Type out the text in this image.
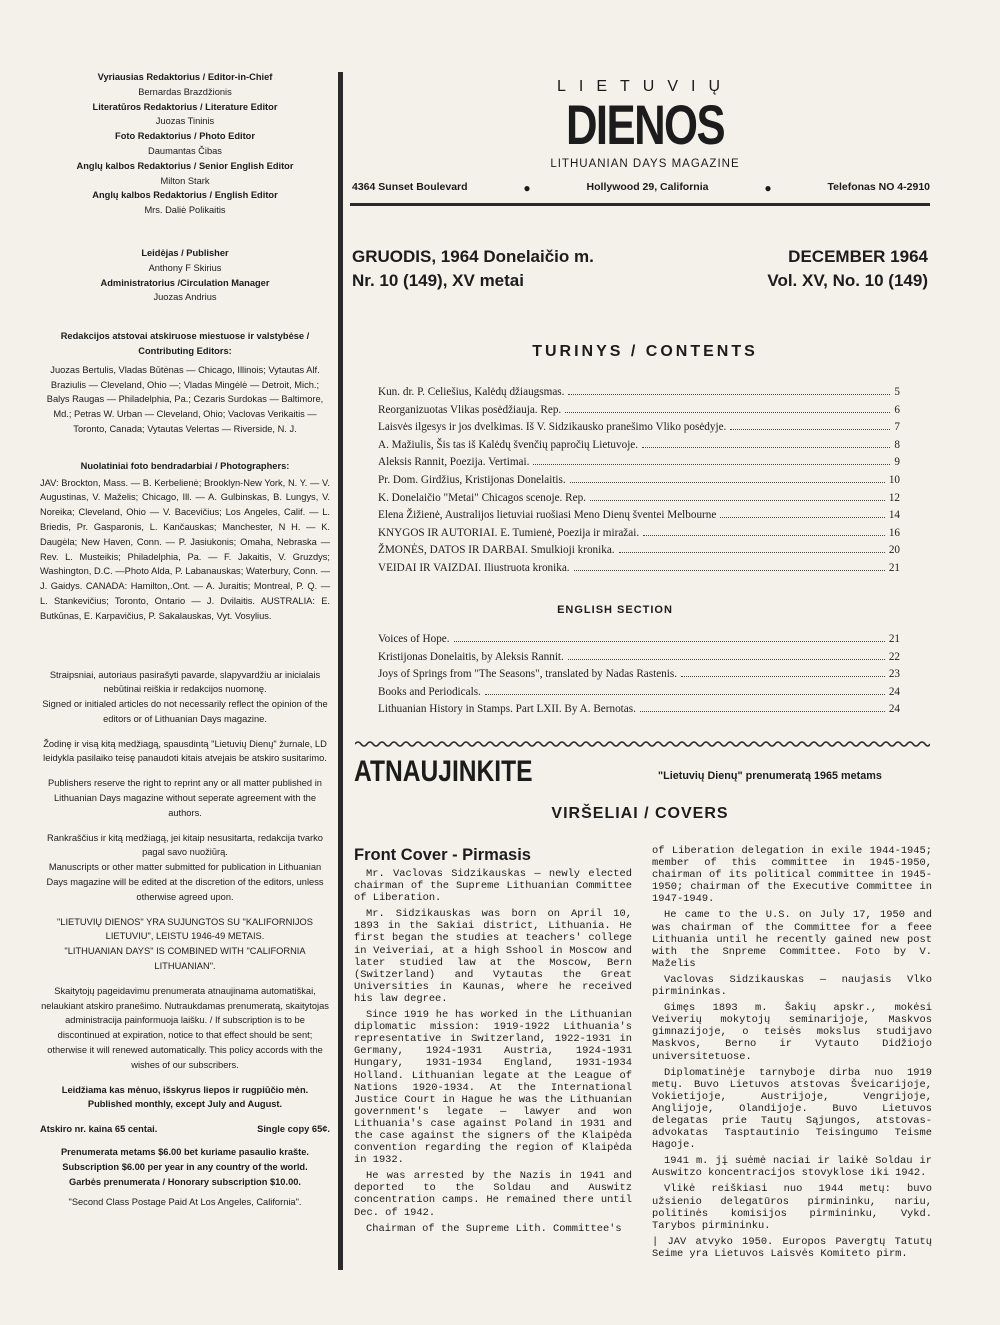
Vyriausias Redaktorius / Editor-in-Chief

Bernardas Brazdžionis

Literatūros Redaktorius / Literature Editor

Juozas Tininis

Foto Redaktorius / Photo Editor

Daumantas Čibas

Anglų kalbos Redaktorius / Senior English Editor

Milton Stark

Anglų kalbos Redaktorius / English Editor

Mrs. Daliė Polikaitis

Leidėjas / Publisher

Anthony F Skirius

Administratorius /Circulation Manager

Juozas Andrius

Redakcijos atstovai atskiruose miestuose ir valstybėse / Contributing Editors:

Juozas Bertulis, Vladas Būtėnas — Chicago, Illinois; Vytautas Alf. Braziulis — Cleveland, Ohio —; Vladas Mingėlė — Detroit, Mich.; Balys Raugas — Philadelphia, Pa.; Cezaris Surdokas — Baltimore, Md.; Petras W. Urban — Cleveland, Ohio; Vaclovas Verikaitis — Toronto, Canada; Vytautas Velertas — Riverside, N. J.

Nuolatiniai foto bendradarbiai / Photographers:

JAV: Brockton, Mass. — B. Kerbelienė; Brooklyn-New York, N. Y. — V. Augustinas, V. Maželis; Chicago, Ill. — A. Gulbinskas, B. Lungys, V. Noreika; Cleveland, Ohio — V. Bacevičius; Los Angeles, Calif. — L. Briedis, Pr. Gasparonis, L. Kančauskas; Manchester, N H. — K. Daugėla; New Haven, Conn. — P. Jasiukonis; Omaha, Nebraska — Rev. L. Musteikis; Philadelphia, Pa. — F. Jakaitis, V. Gruzdys; Washington, D.C. —Photo Alda, P. Labanauskas; Waterbury, Conn. — J. Gaidys. CANADA: Hamilton,.Ont. — A. Juraitis; Montreal, P. Q. — L. Stankevičius; Toronto, Ontario — J. Dvilaitis. AUSTRALIA: E. Butkūnas, E. Karpavičius, P. Sakalauskas, Vyt. Vosylius.

Straipsniai, autoriaus pasirašyti pavarde, slapyvardžiu ar inicialais nebūtinai reiškia ir redakcijos nuomonę.

Signed or initialed articles do not necessarily reflect the opinion of the editors or of Lithuanian Days magazine.

Žodinę ir visą kitą medžiagą, spausdintą "Lietuvių Dienų" žurnale, LD leidykla pasilaiko teisę panaudoti kitais atvejais be atskiro susitarimo.

Publishers reserve the right to reprint any or all matter published in Lithuanian Days magazine without seperate agreement with the authors.

Rankraščius ir kitą medžiagą, jei kitaip nesusitarta, redakcija tvarko pagal savo nuožiūrą.

Manuscripts or other matter submitted for publication in Lithuanian Days magazine will be edited at the discretion of the editors, unless otherwise agreed upon.

"LIETUVIŲ DIENOS" YRA SUJUNGTOS SU "KALIFORNIJOS LIETUVIU", LEISTU 1946-49 METAIS.

"LITHUANIAN DAYS" IS COMBINED WITH "CALIFORNIA LITHUANIAN".

Skaitytojų pageidavimu prenumerata atnaujinama automatiškai, nelaukiant atskiro pranešimo. Nutraukdamas prenumeratą, skaitytojas administracija painformuoja laišku. / If subscription is to be discontinued at expiration, notice to that effect should be sent; otherwise it will renewed automatically. This policy accords with the wishes of our subscribers.

Leidžiama kas mėnuo, išskyrus liepos ir rugpiūčio mėn. Published monthly, except July and August.

Atskiro nr. kaina 65 centai.	Single copy 65¢.

Prenumerata metams $6.00 bet kuriame pasaulio krašte.

Subscription $6.00 per year in any country of the world.

Garbės prenumerata / Honorary subscription $10.00.

"Second Class Postage Paid At Los Angeles, California".

LIETUVIŲ
DIENOS
LITHUANIAN DAYS MAGAZINE
4364 Sunset Boulevard	●	Hollywood 29, California	●	Telefonas NO 4-2910
GRUODIS, 1964 Donelaičio m.
Nr. 10 (149), XV metai
DECEMBER 1964
Vol. XV, No. 10 (149)
TURINYS / CONTENTS
Kun. dr. P. Celiešius, Kalėdų džiaugsmas.	5
Reorganizuotas Vlikas posėdžiauja. Rep.	6
Laisvės ilgesys ir jos dvelkimas. Iš V. Sidzikausko pranešimo Vliko posėdyje.	7
A. Mažiulis, Šis tas iš Kalėdų švenčių papročių Lietuvoje.	8
Aleksis Rannit, Poezija. Vertimai.	9
Pr. Dom. Girdžius, Kristijonas Donelaitis.	10
K. Donelaičio "Metai" Chicagos scenoje. Rep.	12
Elena Žižienė, Australijos lietuviai ruošiasi Meno Dienų šventei Melbourne	14
KNYGOS IR AUTORIAI. E. Tumienė, Poezija ir miražai.	16
ŽMONĖS, DATOS IR DARBAI. Smulkioji kronika.	20
VEIDAI IR VAIZDAI. Iliustruota kronika.	21
ENGLISH SECTION
Voices of Hope.	21
Kristijonas Donelaitis, by Aleksis Rannit.	22
Joys of Springs from "The Seasons", translated by Nadas Rastenis.	23
Books and Periodicals.	24
Lithuanian History in Stamps. Part LXII. By A. Bernotas.	24
ATNAUJINKITE	"Lietuvių Dienų" prenumeratą 1965 metams
VIRŠELIAI / COVERS
Front Cover - Pirmasis

Mr. Vaclovas Sidzikauskas — newly elected chairman of the Supreme Lithuanian Committee of Liberation.

Mr. Sidzikauskas was born on April 10, 1893 in the Sakiai district, Lithuania. He first began the studies at teachers' college in Veiveriai, at a high Sshool in Moscow and later studied law at the Moscow, Bern (Switzerland) and Vytautas the Great Universities in Kaunas, where he received his law degree.

Since 1919 he has worked in the Lithuanian diplomatic mission: 1919-1922 Lithuania's representative in Switzerland, 1922-1931 in Germany, 1924-1931 Austria, 1924-1931 Hungary, 1931-1934 England, 1931-1934 Holland. Lithuanian legate at the League of Nations 1920-1934. At the International Justice Court in Hague he was the Lithuanian government's legate — lawyer and won Lithuania's case against Poland in 1931 and the case against the signers of the Klaipėda convention regarding the region of Klaipėda in 1932.

He was arrested by the Nazis in 1941 and deported to the Soldau and Auswitz concentration camps. He remained there until Dec. of 1942.

Chairman of the Supreme Lith. Committee's

of Liberation delegation in exile 1944-1945; member of this committee in 1945-1950, chairman of its political committee in 1945-1950; chairman of the Executive Committee in 1947-1949.

He came to the U.S. on July 17, 1950 and was chairman of the Committee for a feee Lithuania until he recently gained new post with the Snpreme Committee. Foto by V. Maželis

Vaclovas Sidzikauskas — naujasis Vlko pirmininkas.

Gimęs 1893 m. Šakių apskr., mokėsi Veiverių mokytojų seminarijoje, Maskvos gimnazijoje, o teisės mokslus studijavo Maskvos, Berno ir Vytauto Didžiojo universitetuose.

Diplomatinėje tarnyboje dirba nuo 1919 metų. Buvo Lietuvos atstovas Šveicarijoje, Vokietijoje, Austrijoje, Vengrijoje, Anglijoje, Olandijoje. Buvo Lietuvos delegatas prie Tautų Sąjungos, atstovas-advokatas Tasptautinio Teisingumo Teisme Hagoje.

1941 m. jį suėmė naciai ir laikė Soldau ir Auswitzo koncentracijos stovyklose iki 1942.

Vlikė reiškiasi nuo 1944 metų: buvo užsienio delegatūros pirmininku, nariu, politinės komisijos pirmininku, Vykd. Tarybos pirmininku.

| JAV atvyko 1950. Europos Pavergtų Tatutų Seime yra Lietuvos Laisvės Komiteto pirm.
